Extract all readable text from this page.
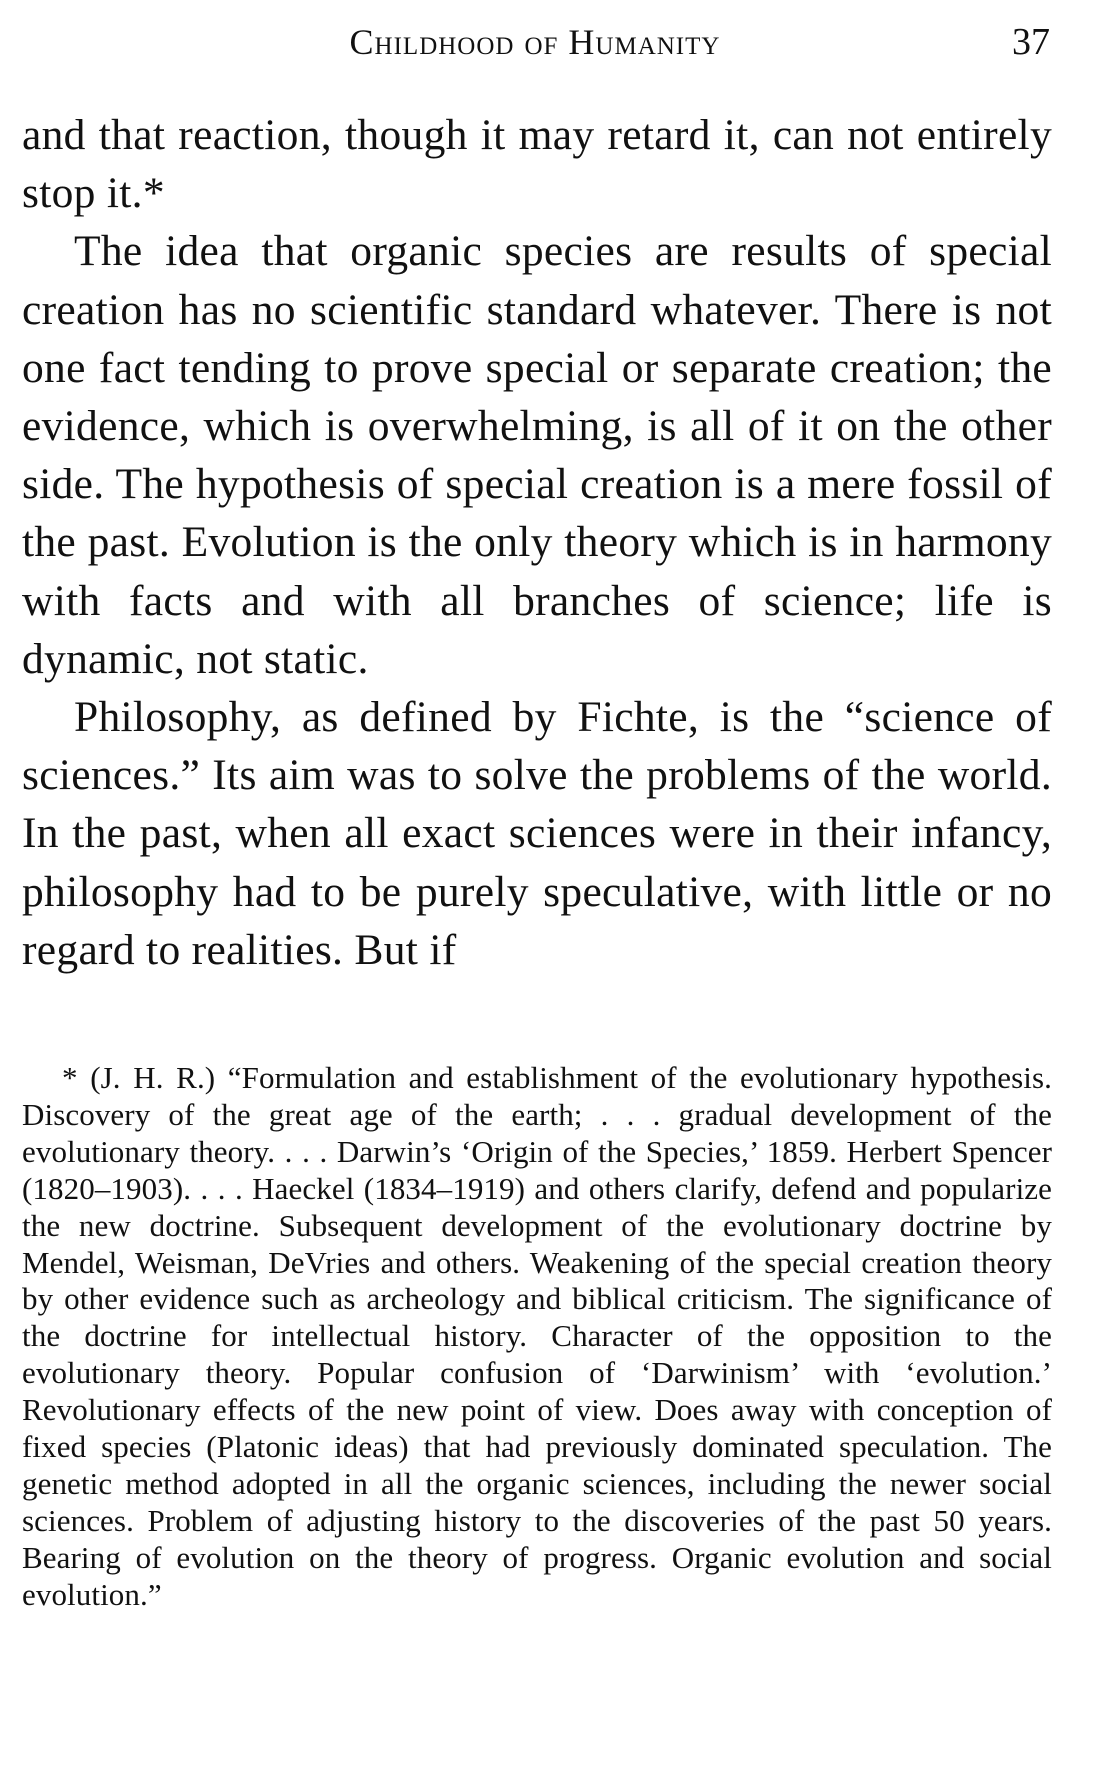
Childhood of Humanity	37

and that reaction, though it may retard it, can not entirely stop it.*

The idea that organic species are results of special creation has no scientific standard whatever. There is not one fact tending to prove special or separate creation; the evidence, which is overwhelming, is all of it on the other side. The hypothesis of special creation is a mere fossil of the past. Evolution is the only theory which is in harmony with facts and with all branches of science; life is dynamic, not static.

Philosophy, as defined by Fichte, is the “science of sciences.” Its aim was to solve the problems of the world. In the past, when all exact sciences were in their infancy, philosophy had to be purely speculative, with little or no regard to realities. But if

* (J. H. R.) “Formulation and establishment of the evolutionary hypothesis. Discovery of the great age of the earth; . . . gradual development of the evolutionary theory. . . . Darwin’s ‘Origin of the Species,’ 1859. Herbert Spencer (1820–1903). . . . Haeckel (1834–1919) and others clarify, defend and popularize the new doctrine. Subsequent development of the evolutionary doctrine by Mendel, Weisman, DeVries and others. Weakening of the special creation theory by other evidence such as archeology and biblical criticism. The significance of the doctrine for intellectual history. Character of the opposition to the evolutionary theory. Popular confusion of ‘Darwinism’ with ‘evolution.’ Revolutionary effects of the new point of view. Does away with conception of fixed species (Platonic ideas) that had previously dominated speculation. The genetic method adopted in all the organic sciences, including the newer social sciences. Problem of adjusting history to the discoveries of the past 50 years. Bearing of evolution on the theory of progress. Organic evolution and social evolution.”
